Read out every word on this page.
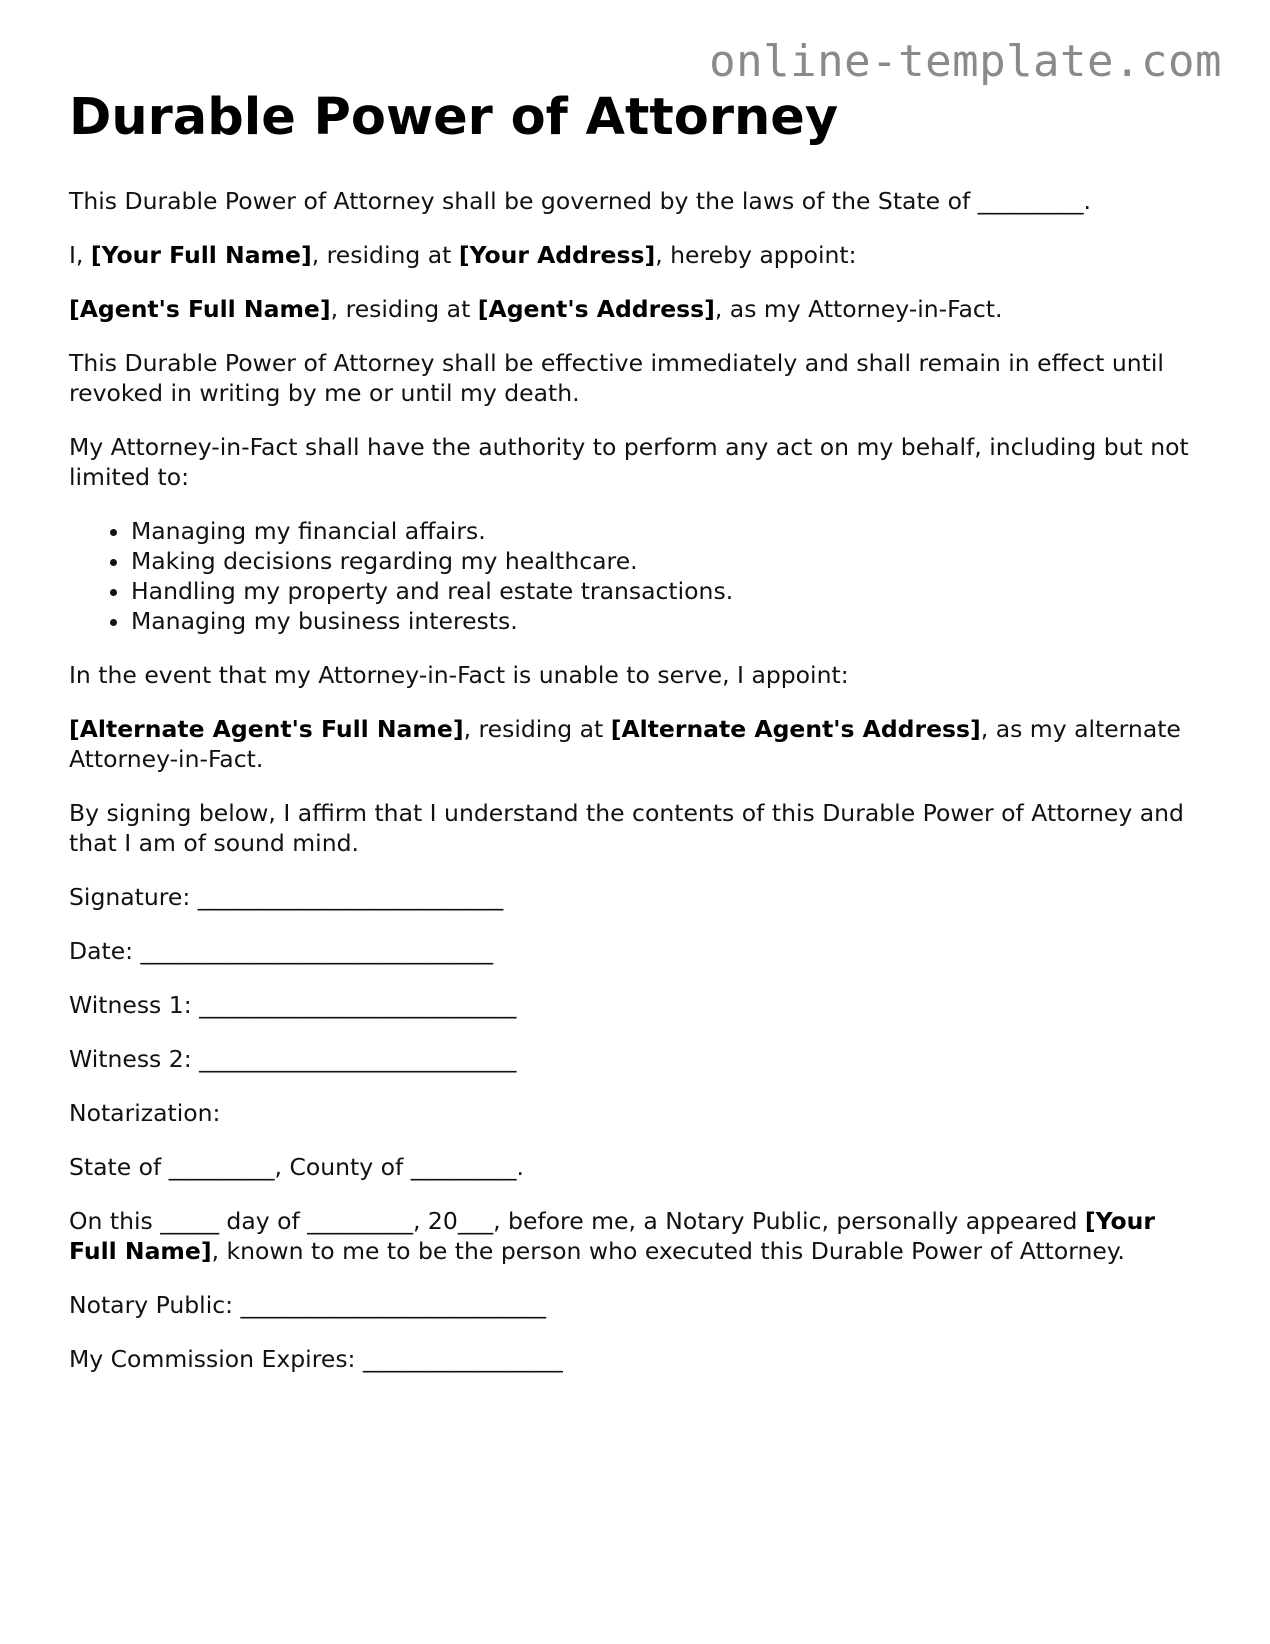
online-template.com
Durable Power of Attorney

This Durable Power of Attorney shall be governed by the laws of the State of _________.

I, [Your Full Name], residing at [Your Address], hereby appoint:

[Agent's Full Name], residing at [Agent's Address], as my Attorney-in-Fact.

This Durable Power of Attorney shall be effective immediately and shall remain in effect until revoked in writing by me or until my death.

My Attorney-in-Fact shall have the authority to perform any act on my behalf, including but not limited to:

• Managing my financial affairs.
• Making decisions regarding my healthcare.
• Handling my property and real estate transactions.
• Managing my business interests.

In the event that my Attorney-in-Fact is unable to serve, I appoint:

[Alternate Agent's Full Name], residing at [Alternate Agent's Address], as my alternate Attorney-in-Fact.

By signing below, I affirm that I understand the contents of this Durable Power of Attorney and that I am of sound mind.

Signature: __________________________

Date: ______________________________

Witness 1: ___________________________

Witness 2: ___________________________

Notarization:

State of _________, County of _________.

On this _____ day of _________, 20___, before me, a Notary Public, personally appeared [Your Full Name], known to me to be the person who executed this Durable Power of Attorney.

Notary Public: __________________________

My Commission Expires: _________________
